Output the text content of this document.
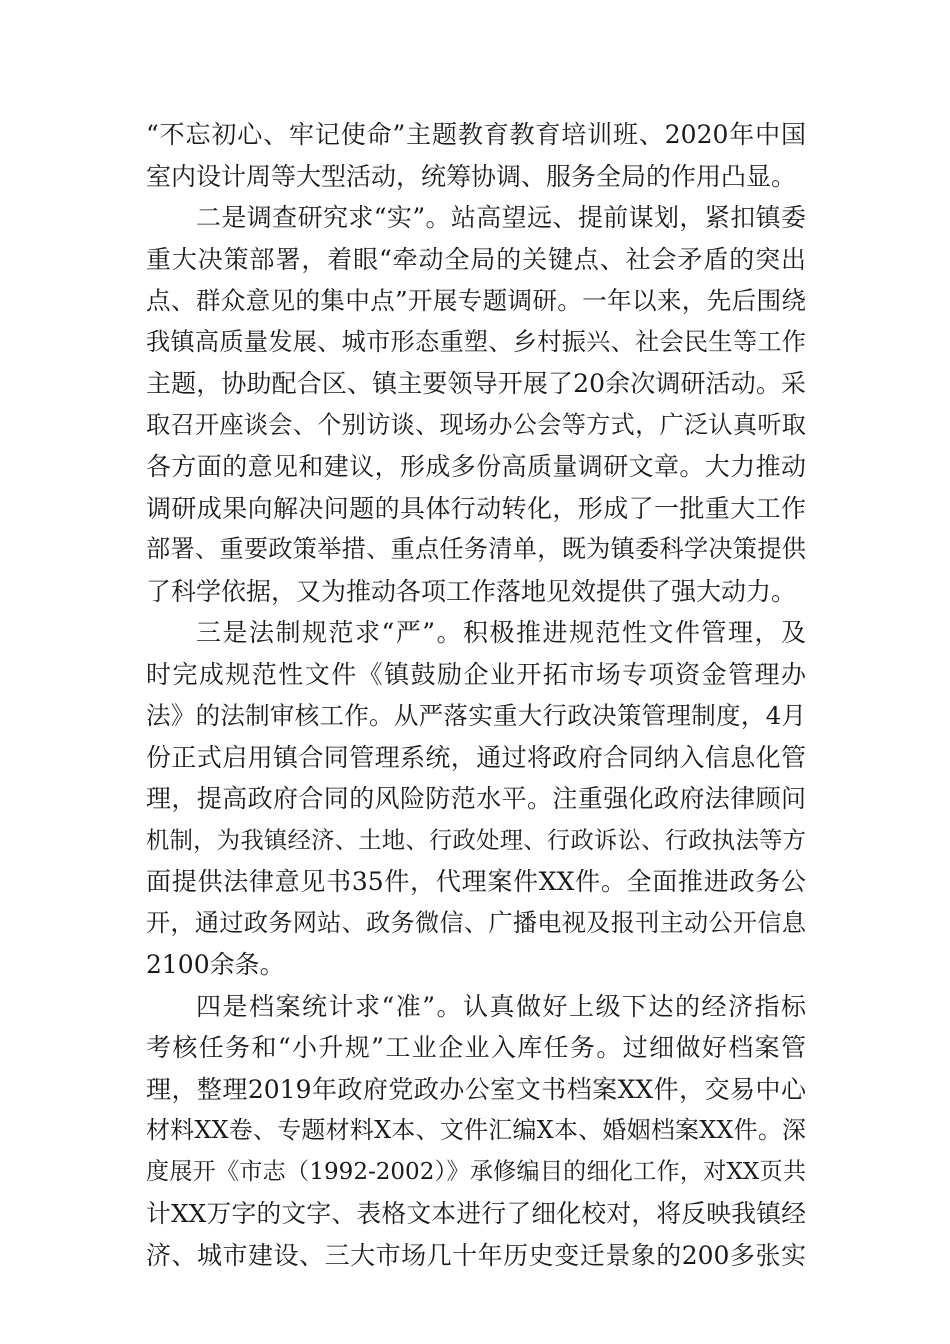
“不忘初心、牢记使命”主题教育教育培训班、2020年中国
室内设计周等大型活动，统筹协调、服务全局的作用凸显。
二是调查研究求“实”。站高望远、提前谋划，紧扣镇委
重大决策部署，着眼“牵动全局的关键点、社会矛盾的突出
点、群众意见的集中点”开展专题调研。一年以来，先后围绕
我镇高质量发展、城市形态重塑、乡村振兴、社会民生等工作
主题，协助配合区、镇主要领导开展了20余次调研活动。采
取召开座谈会、个别访谈、现场办公会等方式，广泛认真听取
各方面的意见和建议，形成多份高质量调研文章。大力推动
调研成果向解决问题的具体行动转化，形成了一批重大工作
部署、重要政策举措、重点任务清单，既为镇委科学决策提供
了科学依据，又为推动各项工作落地见效提供了强大动力。
三是法制规范求“严”。积极推进规范性文件管理，及
时完成规范性文件《镇鼓励企业开拓市场专项资金管理办
法》的法制审核工作。从严落实重大行政决策管理制度，4月
份正式启用镇合同管理系统，通过将政府合同纳入信息化管
理，提高政府合同的风险防范水平。注重强化政府法律顾问
机制，为我镇经济、土地、行政处理、行政诉讼、行政执法等方
面提供法律意见书35件，代理案件XX件。全面推进政务公
开，通过政务网站、政务微信、广播电视及报刊主动公开信息
2100余条。
四是档案统计求“准”。认真做好上级下达的经济指标
考核任务和“小升规”工业企业入库任务。过细做好档案管
理，整理2019年政府党政办公室文书档案XX件，交易中心
材料XX卷、专题材料X本、文件汇编X本、婚姻档案XX件。深
度展开《市志（1992-2002）》承修编目的细化工作，对XX页共
计XX万字的文字、表格文本进行了细化校对，将反映我镇经
济、城市建设、三大市场几十年历史变迁景象的200多张实
